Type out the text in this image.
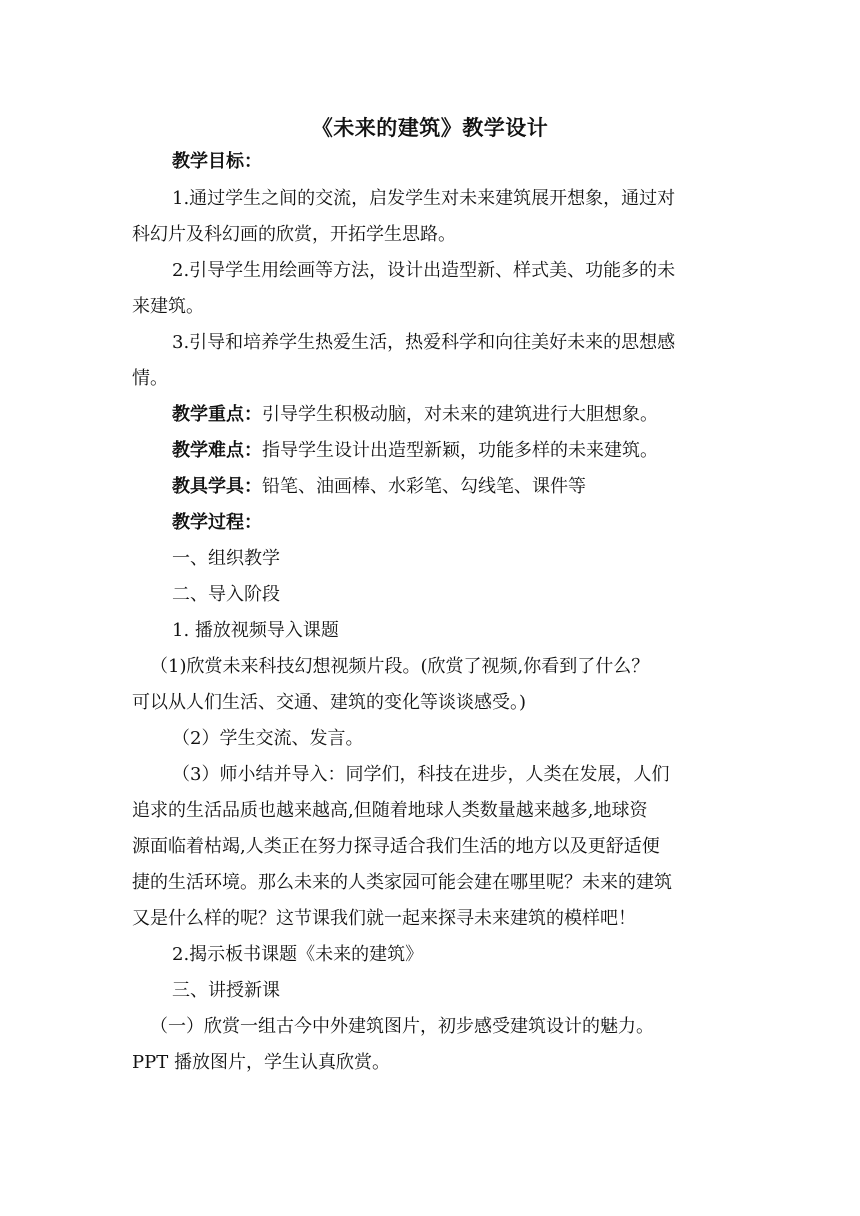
《未来的建筑》教学设计
教学目标：
1.通过学生之间的交流，启发学生对未来建筑展开想象，通过对
科幻片及科幻画的欣赏，开拓学生思路。
2.引导学生用绘画等方法，设计出造型新、样式美、功能多的未
来建筑。
3.引导和培养学生热爱生活，热爱科学和向往美好未来的思想感
情。
教学重点：引导学生积极动脑，对未来的建筑进行大胆想象。
教学难点：指导学生设计出造型新颖，功能多样的未来建筑。
教具学具：铅笔、油画棒、水彩笔、勾线笔、课件等
教学过程：
一、组织教学
二、导入阶段
1. 播放视频导入课题
（1)欣赏未来科技幻想视频片段。(欣赏了视频,你看到了什么？
可以从人们生活、交通、建筑的变化等谈谈感受。)
（2）学生交流、发言。
（3）师小结并导入：同学们，科技在进步，人类在发展，人们
追求的生活品质也越来越高,但随着地球人类数量越来越多,地球资
源面临着枯竭,人类正在努力探寻适合我们生活的地方以及更舒适便
捷的生活环境。那么未来的人类家园可能会建在哪里呢？未来的建筑
又是什么样的呢？这节课我们就一起来探寻未来建筑的模样吧！
2.揭示板书课题《未来的建筑》
三、讲授新课
（一）欣赏一组古今中外建筑图片，初步感受建筑设计的魅力。
PPT 播放图片，学生认真欣赏。
